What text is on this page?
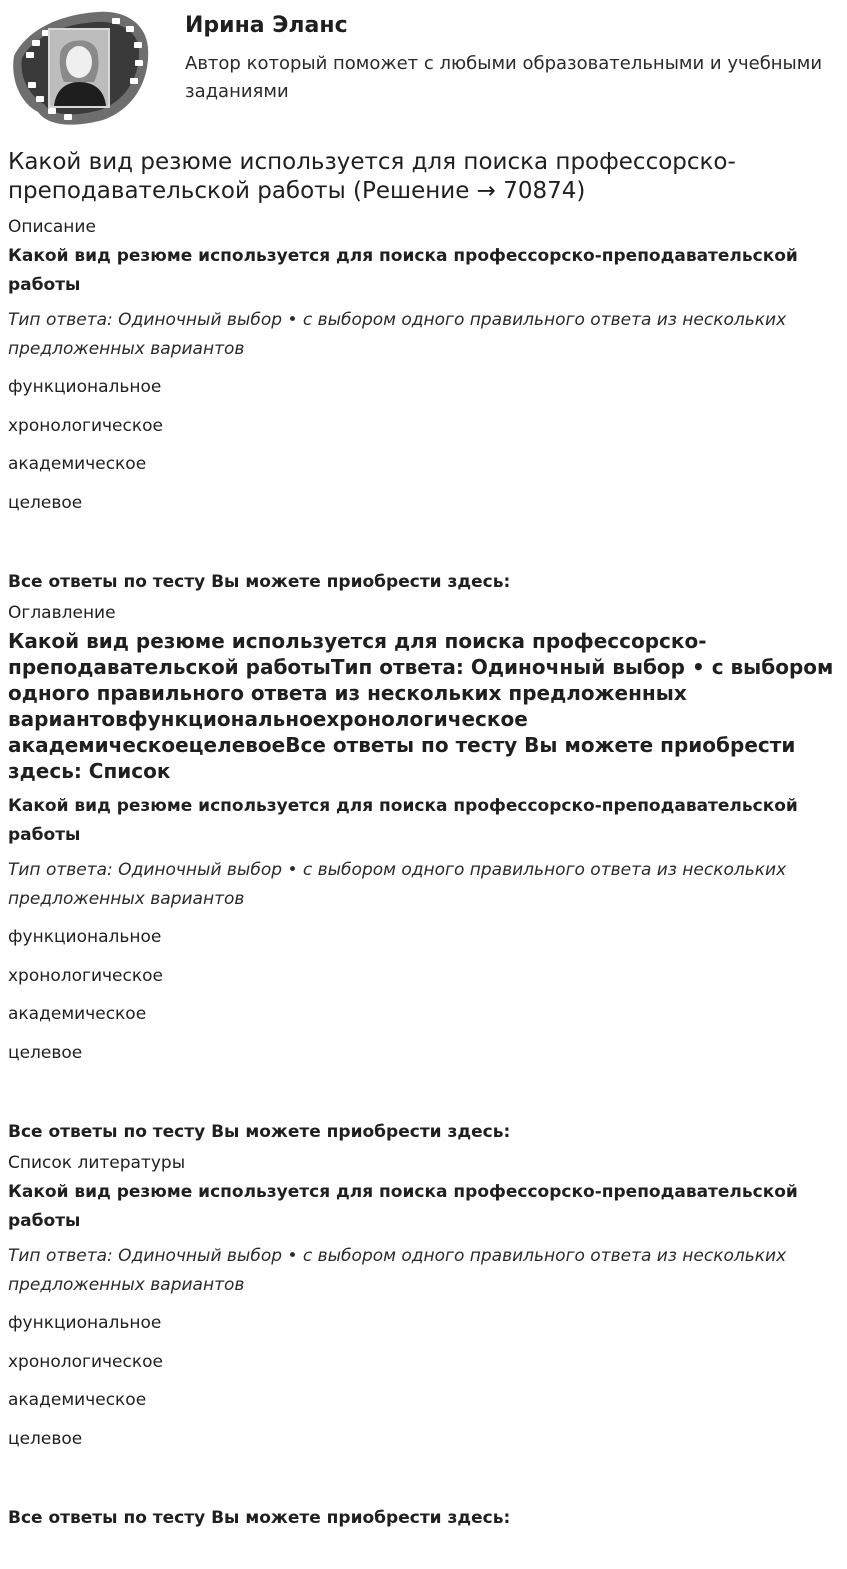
Ирина Эланс
Автор который поможет с любыми образовательными и учебными заданиями
Какой вид резюме используется для поиска профессорско-преподавательской работы (Решение → 70874)
Описание
Какой вид резюме используется для поиска профессорско-преподавательской работы
Тип ответа: Одиночный выбор • с выбором одного правильного ответа из нескольких предложенных вариантов
функциональное
хронологическое
академическое
целевое
Все ответы по тесту Вы можете приобрести здесь:
Оглавление
Какой вид резюме используется для поиска профессорско-преподавательской работыТип ответа: Одиночный выбор • с выбором одного правильного ответа из нескольких предложенных вариантовфункциональноехронологическое академическоецелевоеВсе ответы по тесту Вы можете приобрести здесь: Список
Какой вид резюме используется для поиска профессорско-преподавательской работы
Тип ответа: Одиночный выбор • с выбором одного правильного ответа из нескольких предложенных вариантов
функциональное
хронологическое
академическое
целевое
Все ответы по тесту Вы можете приобрести здесь:
Список литературы
Какой вид резюме используется для поиска профессорско-преподавательской работы
Тип ответа: Одиночный выбор • с выбором одного правильного ответа из нескольких предложенных вариантов
функциональное
хронологическое
академическое
целевое
Все ответы по тесту Вы можете приобрести здесь:
